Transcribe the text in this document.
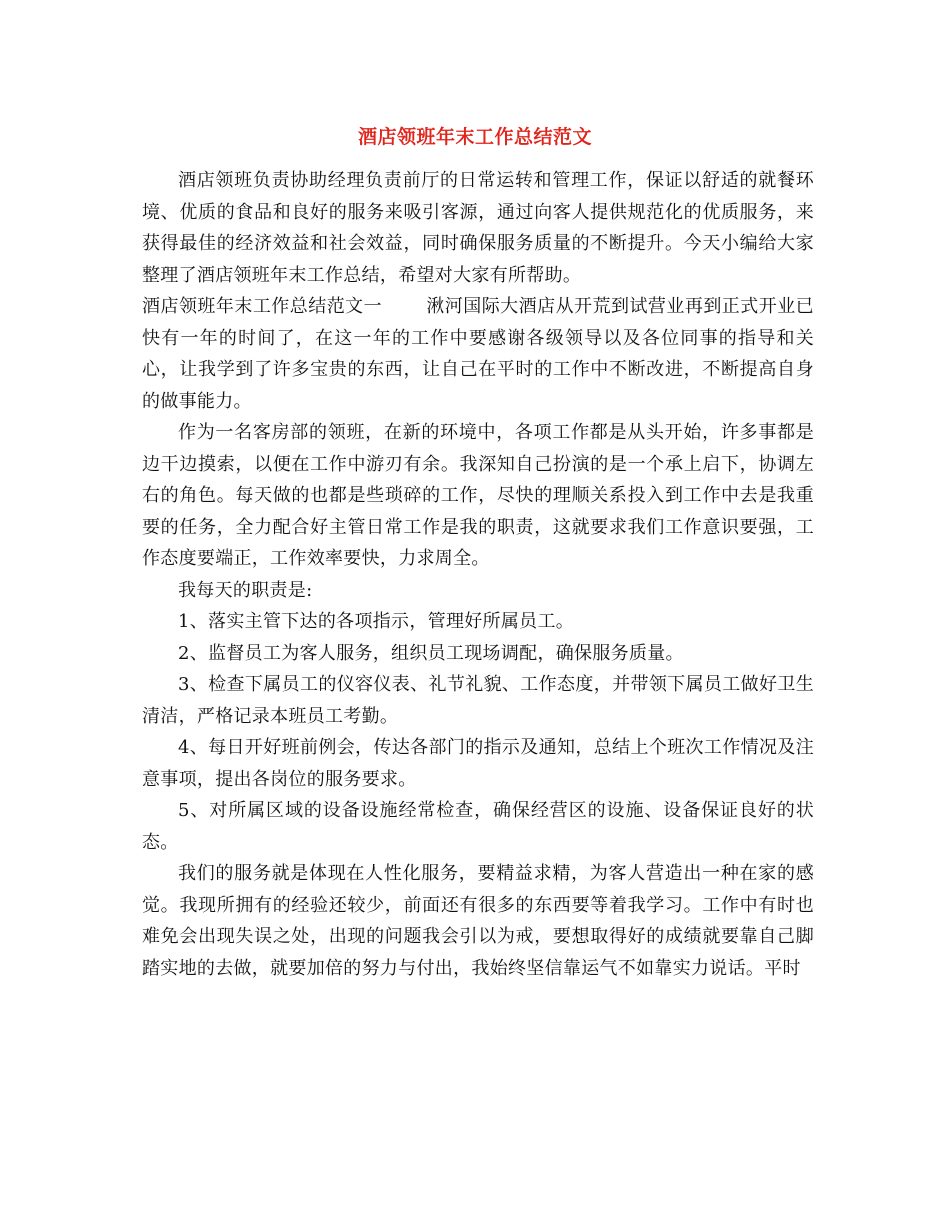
酒店领班年末工作总结范文

酒店领班负责协助经理负责前厅的日常运转和管理工作，保证以舒适的就餐环境、优质的食品和良好的服务来吸引客源，通过向客人提供规范化的优质服务，来获得最佳的经济效益和社会效益，同时确保服务质量的不断提升。今天小编给大家整理了酒店领班年末工作总结，希望对大家有所帮助。

酒店领班年末工作总结范文一 湫河国际大酒店从开荒到试营业再到正式开业已快有一年的时间了，在这一年的工作中要感谢各级领导以及各位同事的指导和关心，让我学到了许多宝贵的东西，让自己在平时的工作中不断改进，不断提高自身的做事能力。

作为一名客房部的领班，在新的环境中，各项工作都是从头开始，许多事都是边干边摸索，以便在工作中游刃有余。我深知自己扮演的是一个承上启下，协调左右的角色。每天做的也都是些琐碎的工作，尽快的理顺关系投入到工作中去是我重要的任务，全力配合好主管日常工作是我的职责，这就要求我们工作意识要强，工作态度要端正，工作效率要快，力求周全。

我每天的职责是:

1、落实主管下达的各项指示，管理好所属员工。

2、监督员工为客人服务，组织员工现场调配，确保服务质量。

3、检查下属员工的仪容仪表、礼节礼貌、工作态度，并带领下属员工做好卫生清洁，严格记录本班员工考勤。

4、每日开好班前例会，传达各部门的指示及通知，总结上个班次工作情况及注意事项，提出各岗位的服务要求。

5、对所属区域的设备设施经常检查，确保经营区的设施、设备保证良好的状态。

我们的服务就是体现在人性化服务，要精益求精，为客人营造出一种在家的感觉。我现所拥有的经验还较少，前面还有很多的东西要等着我学习。工作中有时也难免会出现失误之处，出现的问题我会引以为戒，要想取得好的成绩就要靠自己脚踏实地的去做，就要加倍的努力与付出，我始终坚信靠运气不如靠实力说话。平时
